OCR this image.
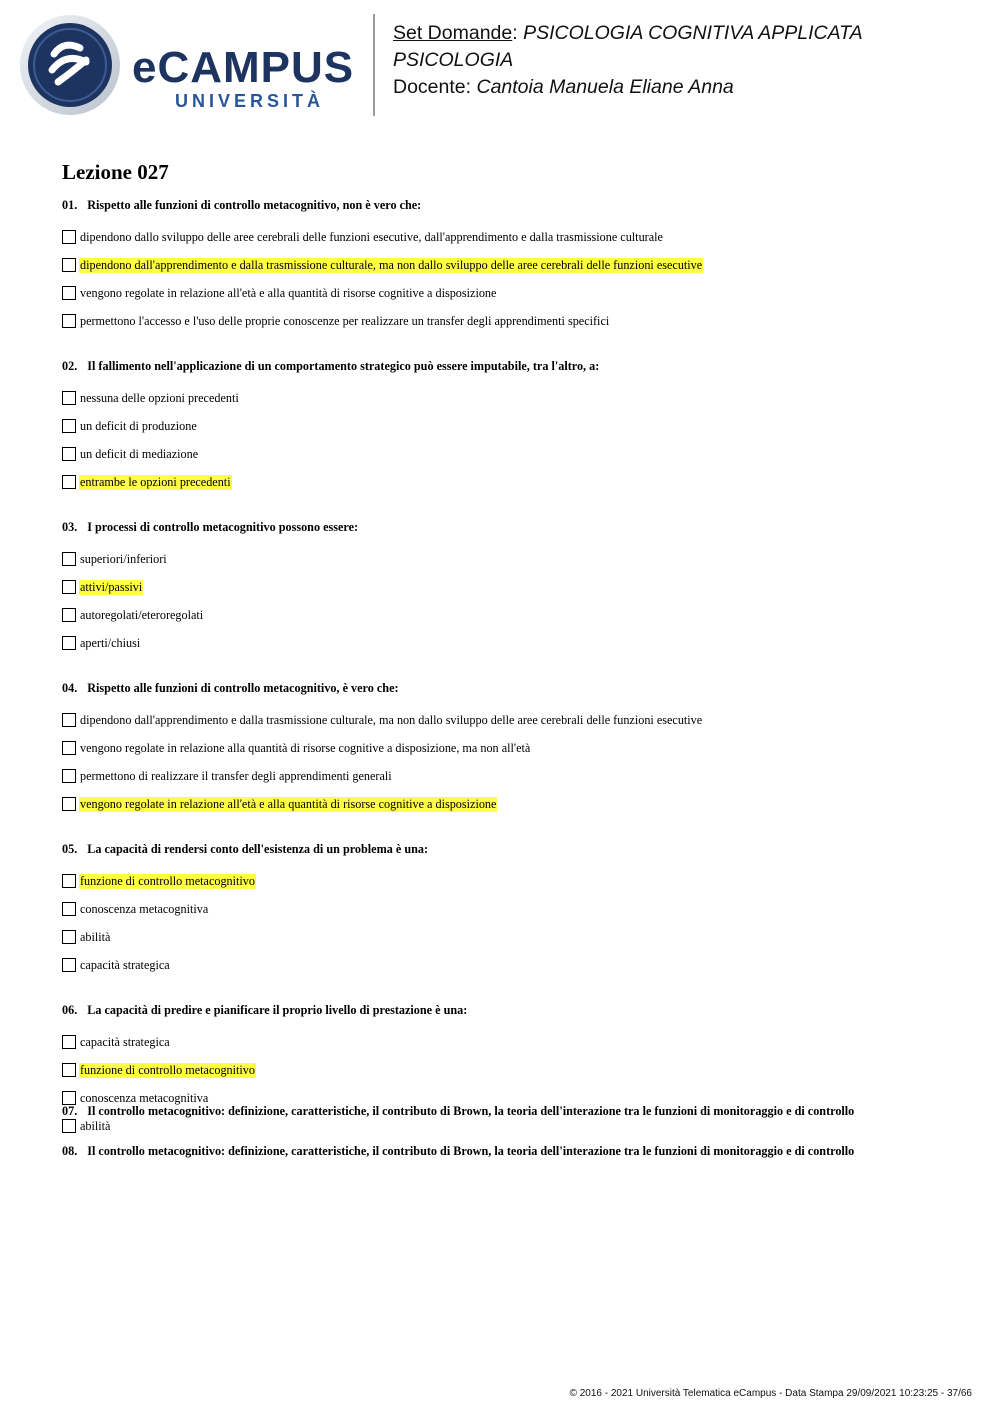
eCAMPUS
UNIVERSITÀ
Set Domande: PSICOLOGIA COGNITIVA APPLICATA
PSICOLOGIA
Docente: Cantoia Manuela Eliane Anna
Lezione 027
01. Rispetto alle funzioni di controllo metacognitivo, non è vero che:
dipendono dallo sviluppo delle aree cerebrali delle funzioni esecutive, dall'apprendimento e dalla trasmissione culturale
dipendono dall'apprendimento e dalla trasmissione culturale, ma non dallo sviluppo delle aree cerebrali delle funzioni esecutive
vengono regolate in relazione all'età e alla quantità di risorse cognitive a disposizione
permettono l'accesso e l'uso delle proprie conoscenze per realizzare un transfer degli apprendimenti specifici
02. Il fallimento nell'applicazione di un comportamento strategico può essere imputabile, tra l'altro, a:
nessuna delle opzioni precedenti
un deficit di produzione
un deficit di mediazione
entrambe le opzioni precedenti
03. I processi di controllo metacognitivo possono essere:
superiori/inferiori
attivi/passivi
autoregolati/eteroregolati
aperti/chiusi
04. Rispetto alle funzioni di controllo metacognitivo, è vero che:
dipendono dall'apprendimento e dalla trasmissione culturale, ma non dallo sviluppo delle aree cerebrali delle funzioni esecutive
vengono regolate in relazione alla quantità di risorse cognitive a disposizione, ma non all'età
permettono di realizzare il transfer degli apprendimenti generali
vengono regolate in relazione all'età e alla quantità di risorse cognitive a disposizione
05. La capacità di rendersi conto dell'esistenza di un problema è una:
funzione di controllo metacognitivo
conoscenza metacognitiva
abilità
capacità strategica
06. La capacità di predire e pianificare il proprio livello di prestazione è una:
capacità strategica
funzione di controllo metacognitivo
conoscenza metacognitiva
abilità
07. Il controllo metacognitivo: definizione, caratteristiche, il contributo di Brown, la teoria dell'interazione tra le funzioni di monitoraggio e di controllo
08. Il controllo metacognitivo: definizione, caratteristiche, il contributo di Brown, la teoria dell'interazione tra le funzioni di monitoraggio e di controllo
© 2016 - 2021 Università Telematica eCampus - Data Stampa 29/09/2021 10:23:25 - 37/66
